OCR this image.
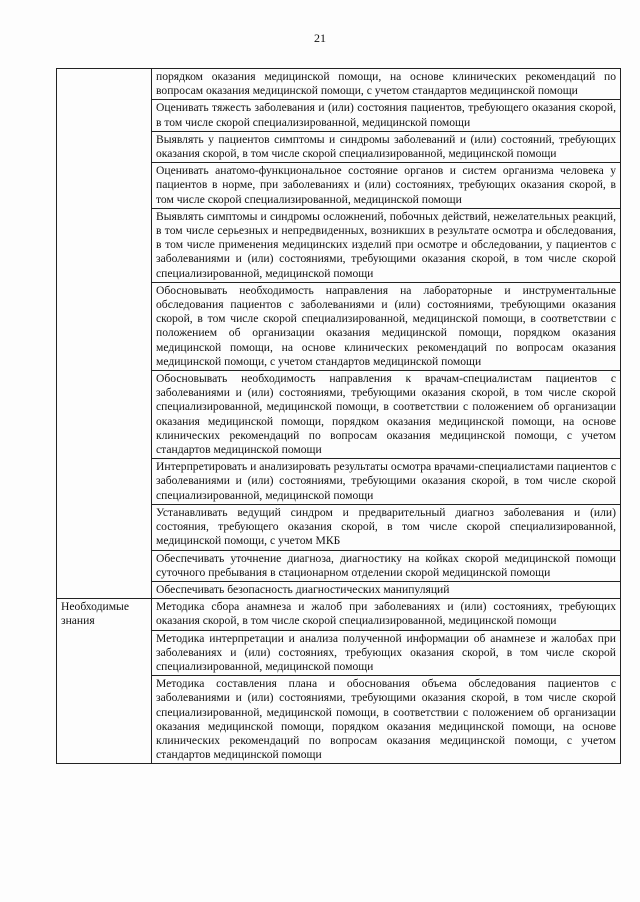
21
	порядком оказания медицинской помощи, на основе клинических рекомендаций по вопросам оказания медицинской помощи, с учетом стандартов медицинской помощи
	Оценивать тяжесть заболевания и (или) состояния пациентов, требующего оказания скорой, в том числе скорой специализированной, медицинской помощи
	Выявлять у пациентов симптомы и синдромы заболеваний и (или) состояний, требующих оказания скорой, в том числе скорой специализированной, медицинской помощи
	Оценивать анатомо-функциональное состояние органов и систем организма человека у пациентов в норме, при заболеваниях и (или) состояниях, требующих оказания скорой, в том числе скорой специализированной, медицинской помощи
	Выявлять симптомы и синдромы осложнений, побочных действий, нежелательных реакций, в том числе серьезных и непредвиденных, возникших в результате осмотра и обследования, в том числе применения медицинских изделий при осмотре и обследовании, у пациентов с заболеваниями и (или) состояниями, требующими оказания скорой, в том числе скорой специализированной, медицинской помощи
	Обосновывать необходимость направления на лабораторные и инструментальные обследования пациентов с заболеваниями и (или) состояниями, требующими оказания скорой, в том числе скорой специализированной, медицинской помощи, в соответствии с положением об организации оказания медицинской помощи, порядком оказания медицинской помощи, на основе клинических рекомендаций по вопросам оказания медицинской помощи, с учетом стандартов медицинской помощи
	Обосновывать необходимость направления к врачам-специалистам пациентов с заболеваниями и (или) состояниями, требующими оказания скорой, в том числе скорой специализированной, медицинской помощи, в соответствии с положением об организации оказания медицинской помощи, порядком оказания медицинской помощи, на основе клинических рекомендаций по вопросам оказания медицинской помощи, с учетом стандартов медицинской помощи
	Интерпретировать и анализировать результаты осмотра врачами-специалистами пациентов с заболеваниями и (или) состояниями, требующими оказания скорой, в том числе скорой специализированной, медицинской помощи
	Устанавливать ведущий синдром и предварительный диагноз заболевания и (или) состояния, требующего оказания скорой, в том числе скорой специализированной, медицинской помощи, с учетом МКБ
	Обеспечивать уточнение диагноза, диагностику на койках скорой медицинской помощи суточного пребывания в стационарном отделении скорой медицинской помощи
	Обеспечивать безопасность диагностических манипуляций
Необходимые знания	Методика сбора анамнеза и жалоб при заболеваниях и (или) состояниях, требующих оказания скорой, в том числе скорой специализированной, медицинской помощи
	Методика интерпретации и анализа полученной информации об анамнезе и жалобах при заболеваниях и (или) состояниях, требующих оказания скорой, в том числе скорой специализированной, медицинской помощи
	Методика составления плана и обоснования объема обследования пациентов с заболеваниями и (или) состояниями, требующими оказания скорой, в том числе скорой специализированной, медицинской помощи, в соответствии с положением об организации оказания медицинской помощи, порядком оказания медицинской помощи, на основе клинических рекомендаций по вопросам оказания медицинской помощи, с учетом стандартов медицинской помощи
